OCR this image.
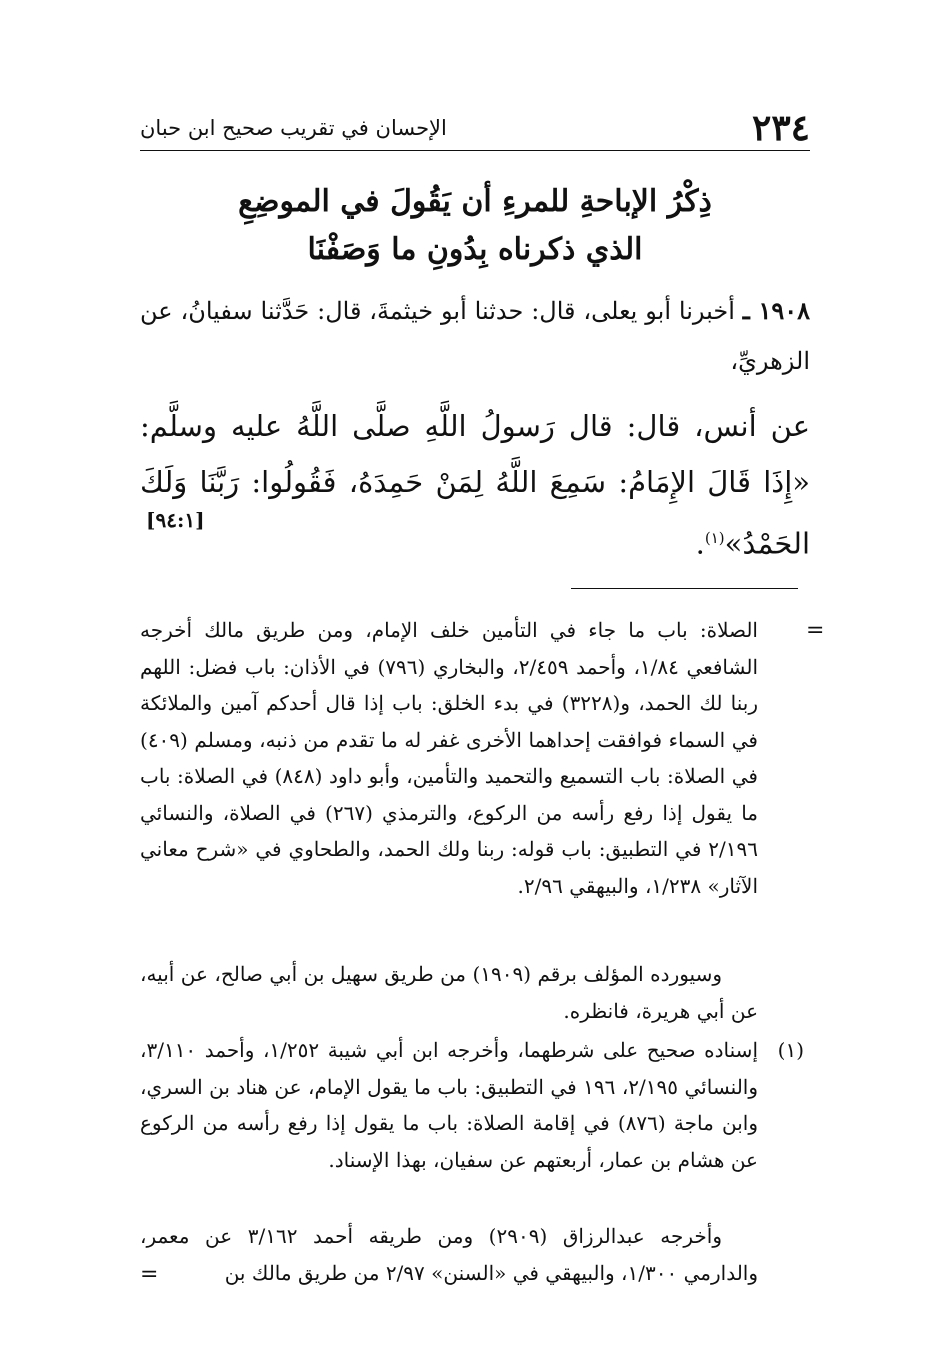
٢٣٤
الإحسان في تقريب صحيح ابن حبان
ذِكْرُ الإباحةِ للمرءِ أن يَقُولَ في الموضِعِ
الذي ذكرناه بِدُونِ ما وَصَفْنَا
١٩٠٨ ـ أخبرنا أبو يعلى، قال: حدثنا أبو خيثمةَ، قال: حَدَّثنا سفيانُ، عن الزهريِّ،
عن أنس، قال: قال رَسولُ اللَّهِ صلَّى اللَّهُ عليه وسلَّم: «إِذَا قَالَ الإِمَامُ: سَمِعَ اللَّهُ لِمَنْ حَمِدَهُ، فَقُولُوا: رَبَّنَا وَلَكَ الحَمْدُ»$^{(١)}$.
[٩٤:١]
=
الصلاة: باب ما جاء في التأمين خلف الإمام، ومن طريق مالك أخرجه الشافعي ١/٨٤، وأحمد ٢/٤٥٩، والبخاري (٧٩٦) في الأذان: باب فضل: اللهم ربنا لك الحمد، و(٣٢٢٨) في بدء الخلق: باب إذا قال أحدكم آمين والملائكة في السماء فوافقت إحداهما الأخرى غفر له ما تقدم من ذنبه، ومسلم (٤٠٩) في الصلاة: باب التسميع والتحميد والتأمين، وأبو داود (٨٤٨) في الصلاة: باب ما يقول إذا رفع رأسه من الركوع، والترمذي (٢٦٧) في الصلاة، والنسائي ٢/١٩٦ في التطبيق: باب قوله: ربنا ولك الحمد، والطحاوي في «شرح معاني الآثار» ١/٢٣٨، والبيهقي ٢/٩٦.
وسيورده المؤلف برقم (١٩٠٩) من طريق سهيل بن أبي صالح، عن أبيه، عن أبي هريرة، فانظره.
(١)
إسناده صحيح على شرطهما، وأخرجه ابن أبي شيبة ١/٢٥٢، وأحمد ٣/١١٠، والنسائي ٢/١٩٥، ١٩٦ في التطبيق: باب ما يقول الإمام، عن هناد بن السري، وابن ماجة (٨٧٦) في إقامة الصلاة: باب ما يقول إذا رفع رأسه من الركوع عن هشام بن عمار، أربعتهم عن سفيان، بهذا الإسناد.
وأخرجه عبدالرزاق (٢٩٠٩) ومن طريقه أحمد ٣/١٦٢ عن معمر، والدارمي ١/٣٠٠، والبيهقي في «السنن» ٢/٩٧ من طريق مالك بن
=
